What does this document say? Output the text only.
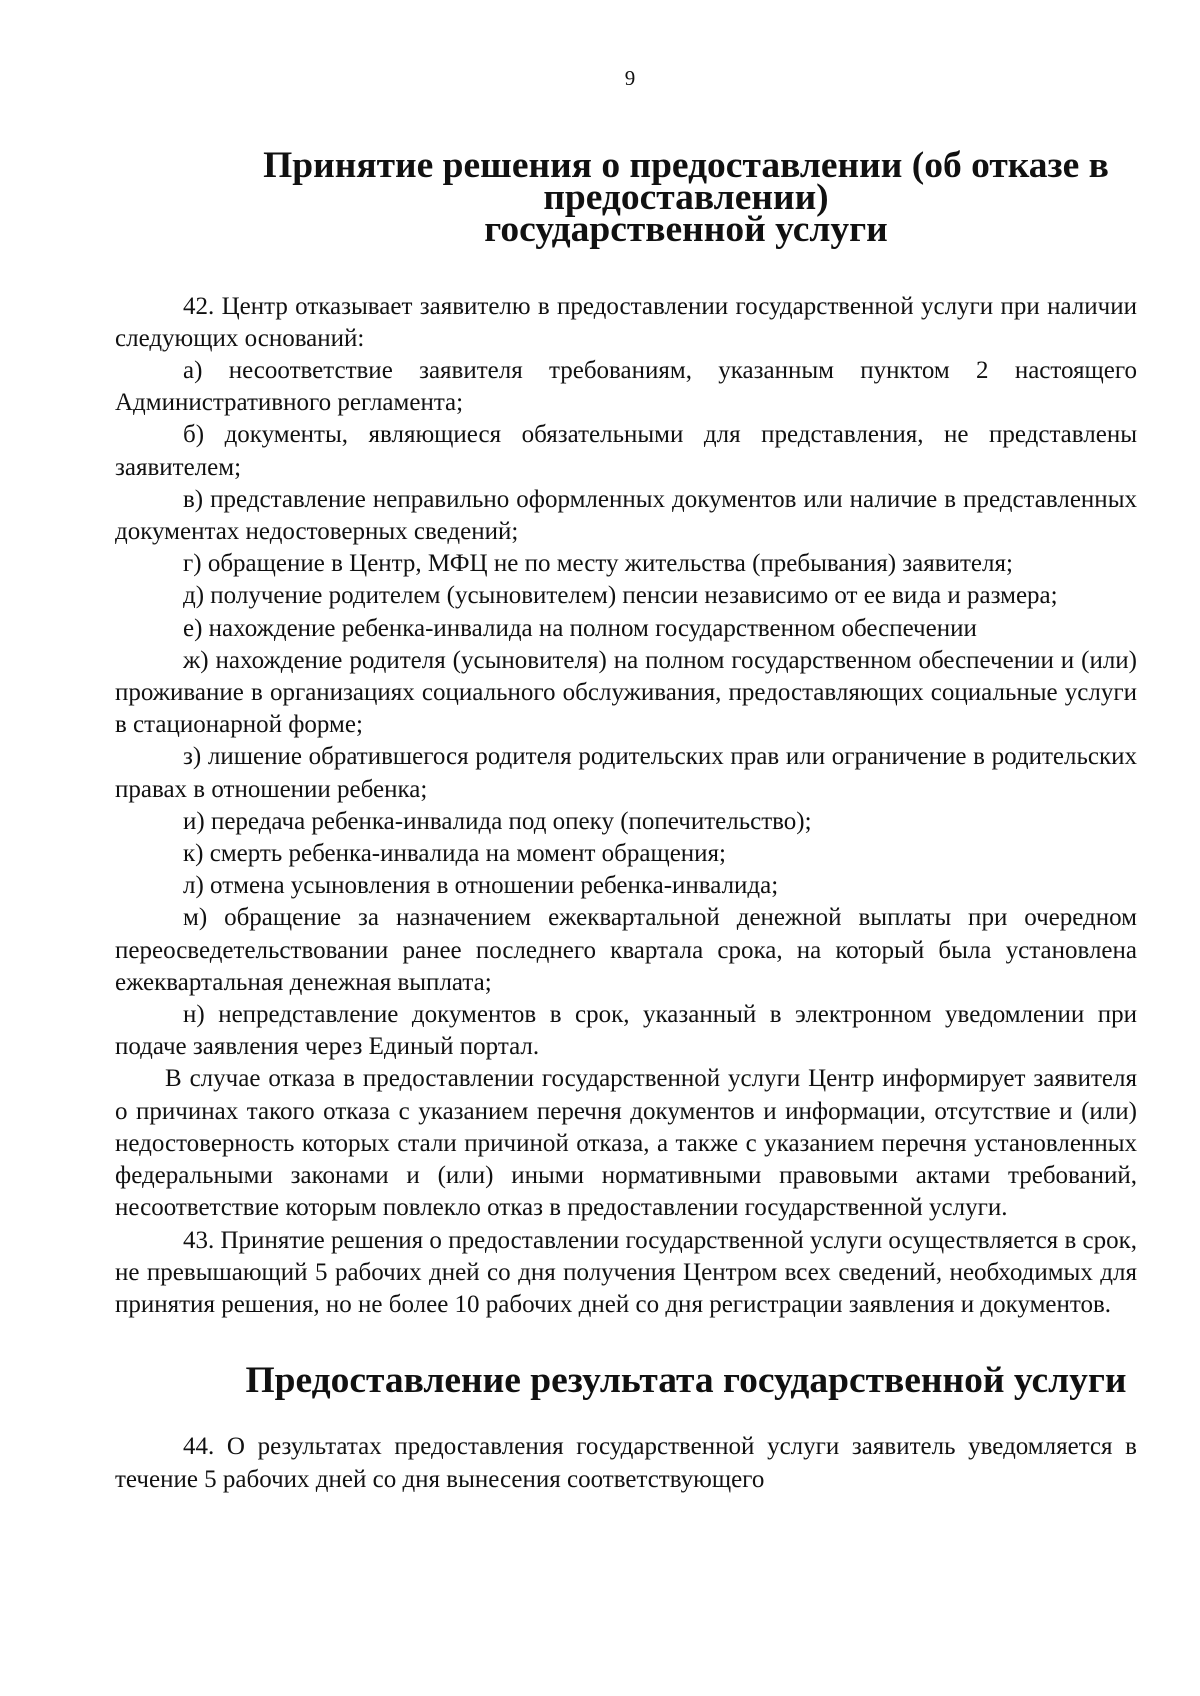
9
Принятие решения о предоставлении (об отказе в предоставлении)
государственной услуги

42. Центр отказывает заявителю в предоставлении государственной услуги при наличии следующих оснований:

а) несоответствие заявителя требованиям, указанным пунктом 2 настоящего Административного регламента;

б) документы, являющиеся обязательными для представления, не представлены заявителем;

в) представление неправильно оформленных документов или наличие в представленных документах недостоверных сведений;

г) обращение в Центр, МФЦ не по месту жительства (пребывания) заявителя;

д) получение родителем (усыновителем) пенсии независимо от ее вида и размера;

е) нахождение ребенка-инвалида на полном государственном обеспечении

ж) нахождение родителя (усыновителя) на полном государственном обеспечении и (или) проживание в организациях социального обслуживания, предоставляющих социальные услуги в стационарной форме;

з) лишение обратившегося родителя родительских прав или ограничение в родительских правах в отношении ребенка;

и) передача ребенка-инвалида под опеку (попечительство);

к) смерть ребенка-инвалида на момент обращения;

л) отмена усыновления в отношении ребенка-инвалида;

м) обращение за назначением ежеквартальной денежной выплаты при очередном переосведетельствовании ранее последнего квартала срока, на который была установлена ежеквартальная денежная выплата;

н) непредставление документов в срок, указанный в электронном уведомлении при подаче заявления через Единый портал.

В случае отказа в предоставлении государственной услуги Центр информирует заявителя о причинах такого отказа с указанием перечня документов и информации, отсутствие и (или) недостоверность которых стали причиной отказа, а также с указанием перечня установленных федеральными законами и (или) иными нормативными правовыми актами требований, несоответствие которым повлекло отказ в предоставлении государственной услуги.

43. Принятие решения о предоставлении государственной услуги осуществляется в срок, не превышающий 5 рабочих дней со дня получения Центром всех сведений, необходимых для принятия решения, но не более 10 рабочих дней со дня регистрации заявления и документов.

Предоставление результата государственной услуги

44. О результатах предоставления государственной услуги заявитель уведомляется в течение 5 рабочих дней со дня вынесения соответствующего
